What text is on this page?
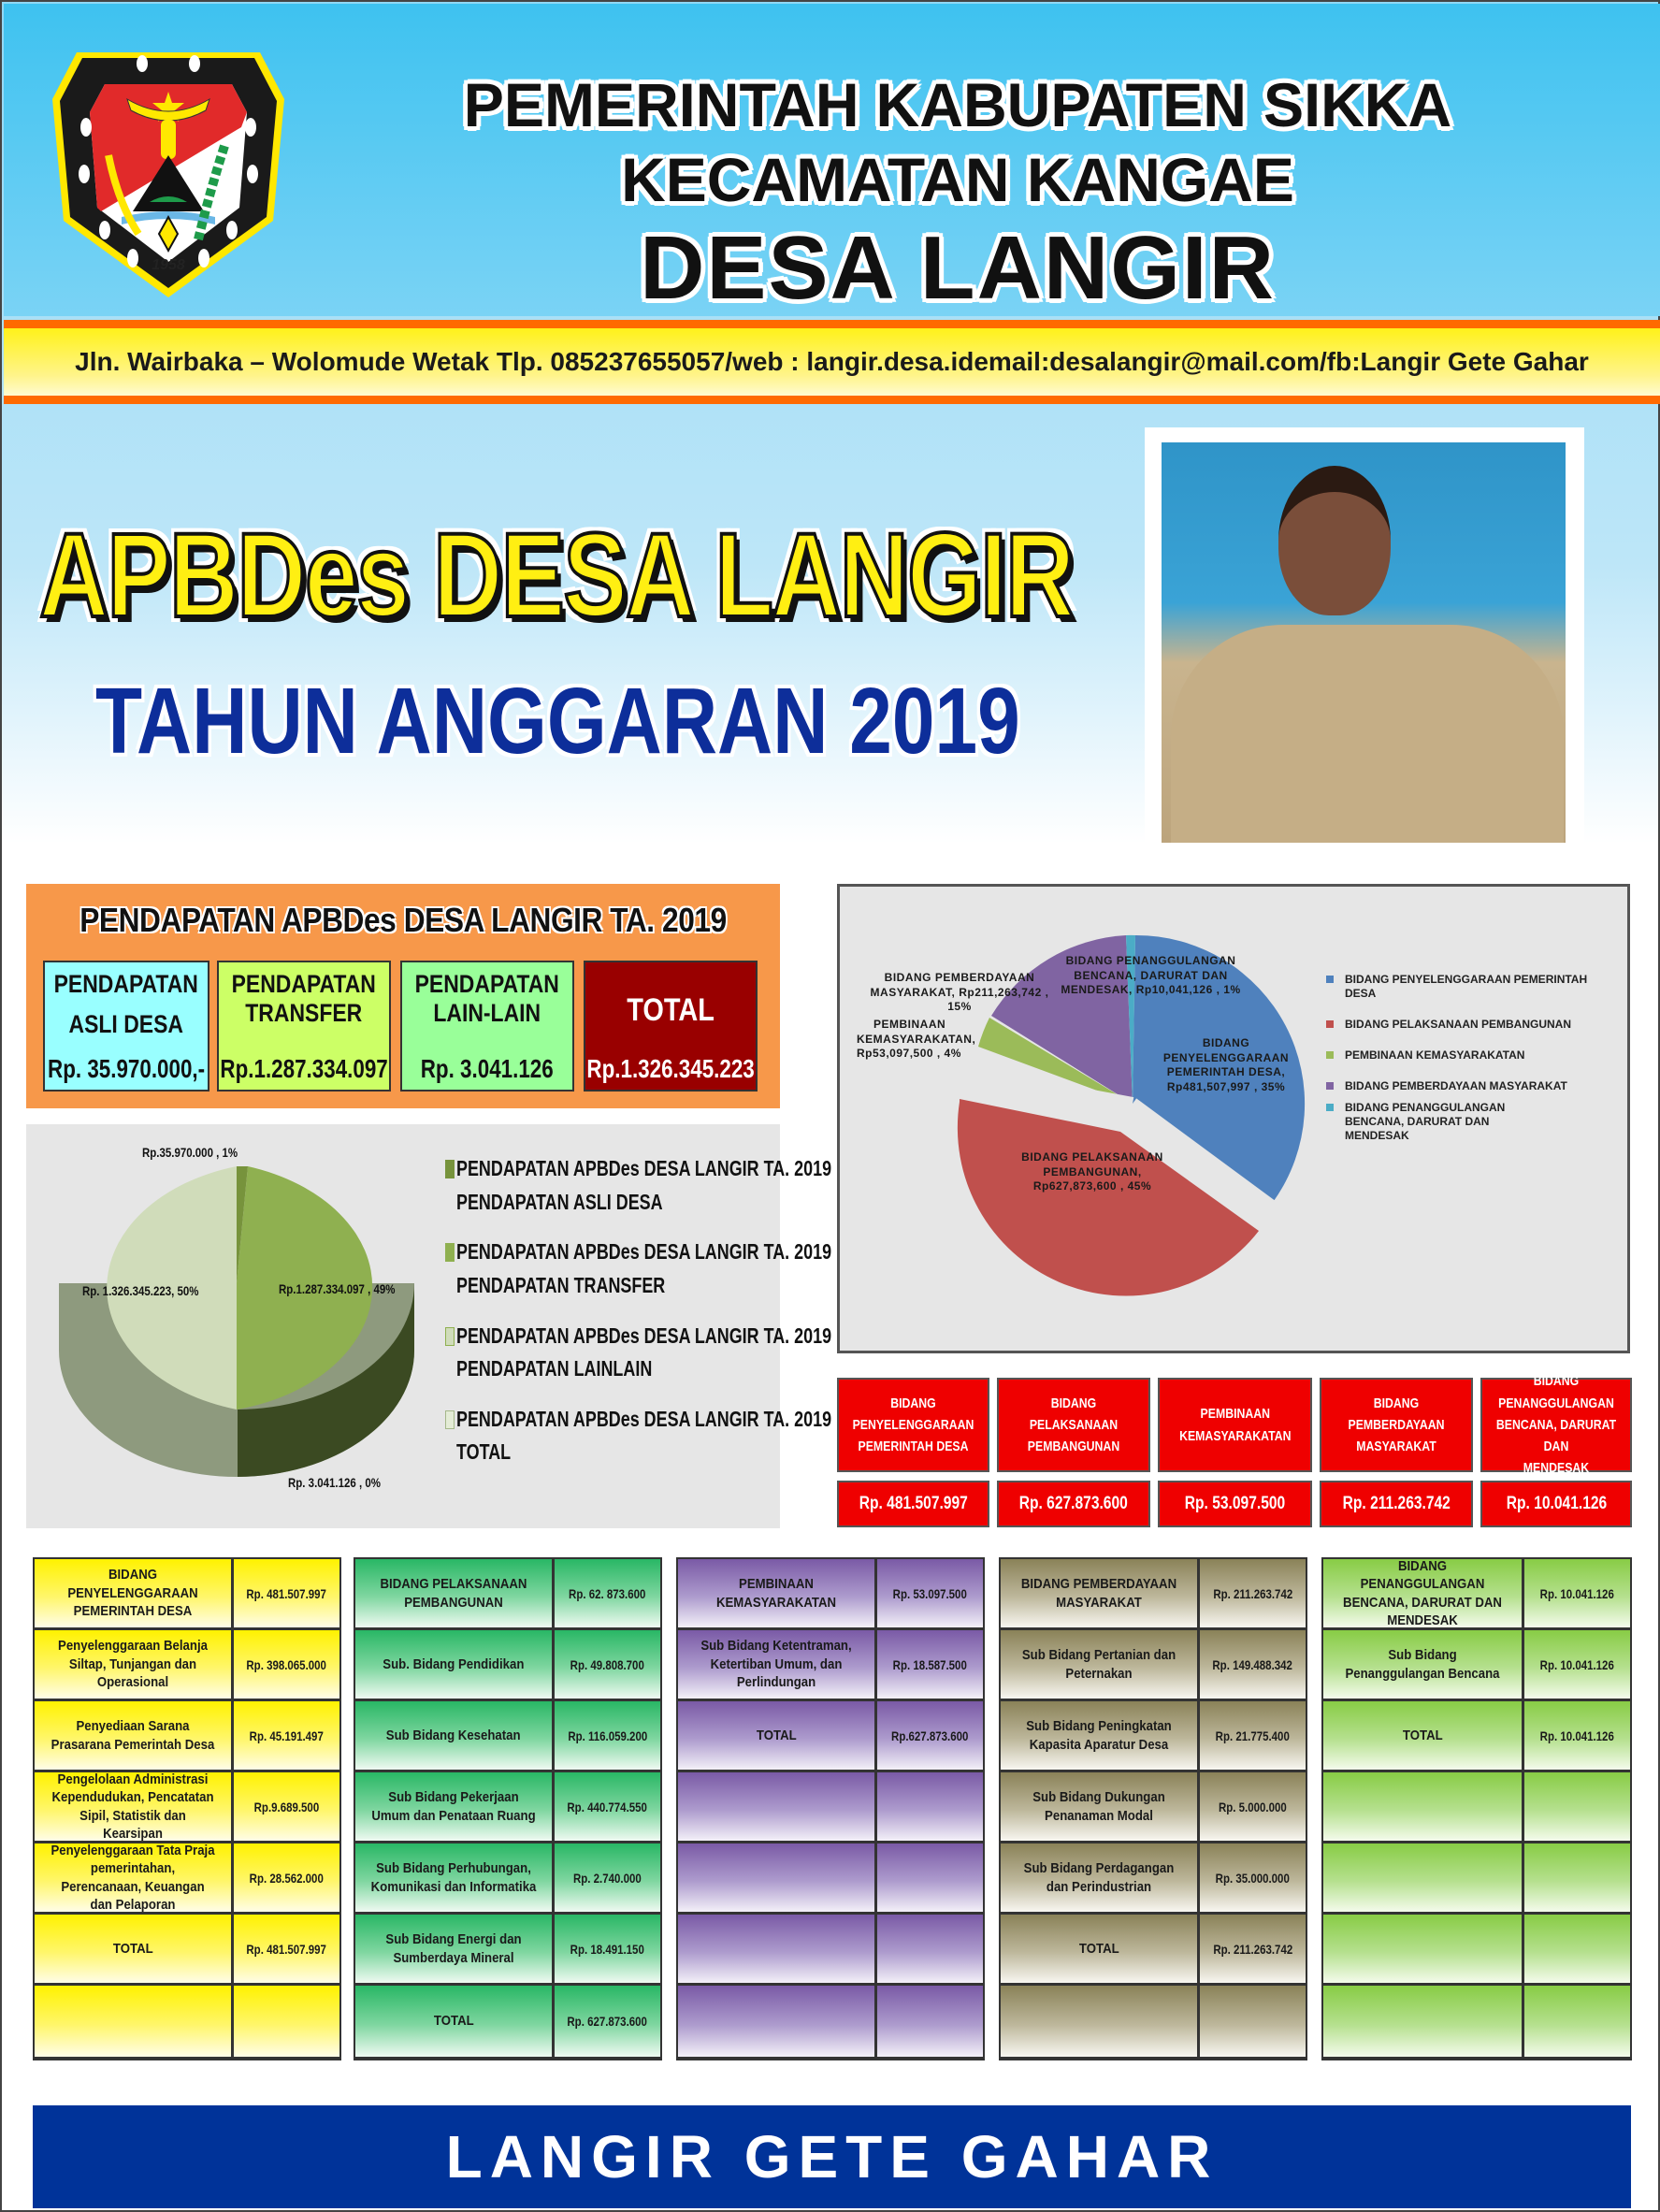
1958
PEMERINTAH KABUPATEN SIKKA
KECAMATAN KANGAE
DESA LANGIR
Jln. Wairbaka – Wolomude Wetak Tlp. 085237655057/web : langir.desa.idemail:desalangir@mail.com/fb:Langir Gete Gahar
APBDes DESA LANGIR
TAHUN ANGGARAN 2019
PENDAPATAN APBDes DESA LANGIR TA. 2019
PENDAPATAN
ASLI DESA
Rp. 35.970.000,-
PENDAPATAN
TRANSFER
Rp.1.287.334.097
PENDAPATAN
LAIN-LAIN
Rp. 3.041.126
TOTAL
Rp.1.326.345.223
Rp.35.970.000 , 1%
Rp.1.287.334.097 , 49%
Rp. 1.326.345.223, 50%
Rp. 3.041.126 , 0%
PENDAPATAN APBDes DESA LANGIR TA. 2019
PENDAPATAN ASLI DESA
PENDAPATAN APBDes DESA LANGIR TA. 2019
PENDAPATAN TRANSFER
PENDAPATAN APBDes DESA LANGIR TA. 2019
PENDAPATAN LAINLAIN
PENDAPATAN APBDes DESA LANGIR TA. 2019
TOTAL
BIDANG
PENYELENGGARAAN
PEMERINTAH DESA,
Rp481,507,997 , 35%
BIDANG PELAKSANAAN
PEMBANGUNAN,
Rp627,873,600 , 45%
PEMBINAAN
KEMASYARAKATAN,
Rp53,097,500 , 4%
BIDANG PEMBERDAYAAN
MASYARAKAT, Rp211,263,742 ,
15%
BIDANG PENANGGULANGAN
BENCANA, DARURAT DAN
MENDESAK, Rp10,041,126 , 1%
BIDANG PENYELENGGARAAN PEMERINTAH DESA
BIDANG PELAKSANAAN PEMBANGUNAN
PEMBINAAN KEMASYARAKATAN
BIDANG PEMBERDAYAAN MASYARAKAT
BIDANG PENANGGULANGAN BENCANA, DARURAT DAN MENDESAK
BIDANG PENYELENGGARAAN
PEMERINTAH DESA
BIDANG PELAKSANAAN
PEMBANGUNAN
PEMBINAAN
KEMASYARAKATAN
BIDANG PEMBERDAYAAN
MASYARAKAT
BIDANG PENANGGULANGAN
BENCANA, DARURAT DAN
MENDESAK
Rp. 481.507.997	Rp. 627.873.600	Rp. 53.097.500	Rp. 211.263.742	Rp. 10.041.126
BIDANG PENYELENGGARAAN PEMERINTAH DESA
Rp. 481.507.997
Penyelenggaraan Belanja Siltap, Tunjangan dan Operasional
Rp. 398.065.000
Penyediaan Sarana Prasarana Pemerintah Desa
Rp. 45.191.497
Pengelolaan Administrasi Kependudukan, Pencatatan Sipil, Statistik dan Kearsipan
Rp.9.689.500
Penyelenggaraan Tata Praja pemerintahan, Perencanaan, Keuangan dan Pelaporan
Rp. 28.562.000
TOTAL	Rp. 481.507.997
BIDANG PELAKSANAAN PEMBANGUNAN
Rp. 62. 873.600
Sub. Bidang Pendidikan	Rp. 49.808.700
Sub Bidang Kesehatan	Rp. 116.059.200
Sub Bidang Pekerjaan Umum dan Penataan Ruang
Rp. 440.774.550
Sub Bidang Perhubungan, Komunikasi dan Informatika
Rp. 2.740.000
Sub Bidang Energi dan Sumberdaya Mineral
Rp. 18.491.150
TOTAL	Rp. 627.873.600
PEMBINAAN KEMASYARAKATAN
Rp. 53.097.500
Sub Bidang Ketentraman, Ketertiban Umum, dan Perlindungan
Rp. 18.587.500
TOTAL	Rp.627.873.600
BIDANG PEMBERDAYAAN MASYARAKAT
Rp. 211.263.742
Sub Bidang Pertanian dan Peternakan
Rp. 149.488.342
Sub Bidang Peningkatan Kapasita Aparatur Desa
Rp. 21.775.400
Sub Bidang Dukungan Penanaman Modal
Rp. 5.000.000
Sub Bidang Perdagangan dan Perindustrian
Rp. 35.000.000
TOTAL	Rp. 211.263.742
BIDANG PENANGGULANGAN BENCANA, DARURAT DAN MENDESAK
Rp. 10.041.126
Sub Bidang Penanggulangan Bencana
Rp. 10.041.126
TOTAL	Rp. 10.041.126
LANGIR GETE GAHAR
